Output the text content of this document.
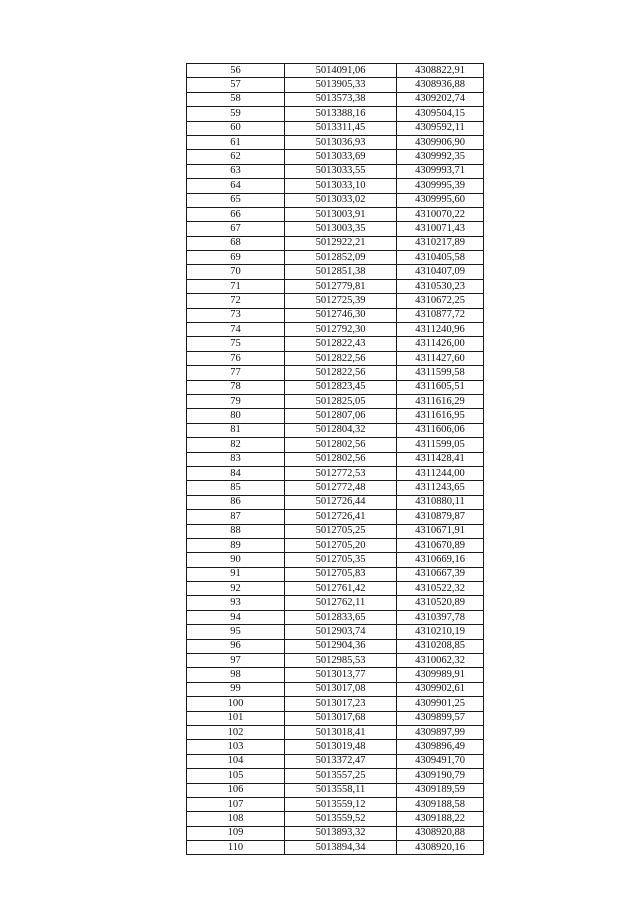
56	5014091,06	4308822,91
57	5013905,33	4308936,88
58	5013573,38	4309202,74
59	5013388,16	4309504,15
60	5013311,45	4309592,11
61	5013036,93	4309906,90
62	5013033,69	4309992,35
63	5013033,55	4309993,71
64	5013033,10	4309995,39
65	5013033,02	4309995,60
66	5013003,91	4310070,22
67	5013003,35	4310071,43
68	5012922,21	4310217,89
69	5012852,09	4310405,58
70	5012851,38	4310407,09
71	5012779,81	4310530,23
72	5012725,39	4310672,25
73	5012746,30	4310877,72
74	5012792,30	4311240,96
75	5012822,43	4311426,00
76	5012822,56	4311427,60
77	5012822,56	4311599,58
78	5012823,45	4311605,51
79	5012825,05	4311616,29
80	5012807,06	4311616,95
81	5012804,32	4311606,06
82	5012802,56	4311599,05
83	5012802,56	4311428,41
84	5012772,53	4311244,00
85	5012772,48	4311243,65
86	5012726,44	4310880,11
87	5012726,41	4310879,87
88	5012705,25	4310671,91
89	5012705,20	4310670,89
90	5012705,35	4310669,16
91	5012705,83	4310667,39
92	5012761,42	4310522,32
93	5012762,11	4310520,89
94	5012833,65	4310397,78
95	5012903,74	4310210,19
96	5012904,36	4310208,85
97	5012985,53	4310062,32
98	5013013,77	4309989,91
99	5013017,08	4309902,61
100	5013017,23	4309901,25
101	5013017,68	4309899,57
102	5013018,41	4309897,99
103	5013019,48	4309896,49
104	5013372,47	4309491,70
105	5013557,25	4309190,79
106	5013558,11	4309189,59
107	5013559,12	4309188,58
108	5013559,52	4309188,22
109	5013893,32	4308920,88
110	5013894,34	4308920,16
